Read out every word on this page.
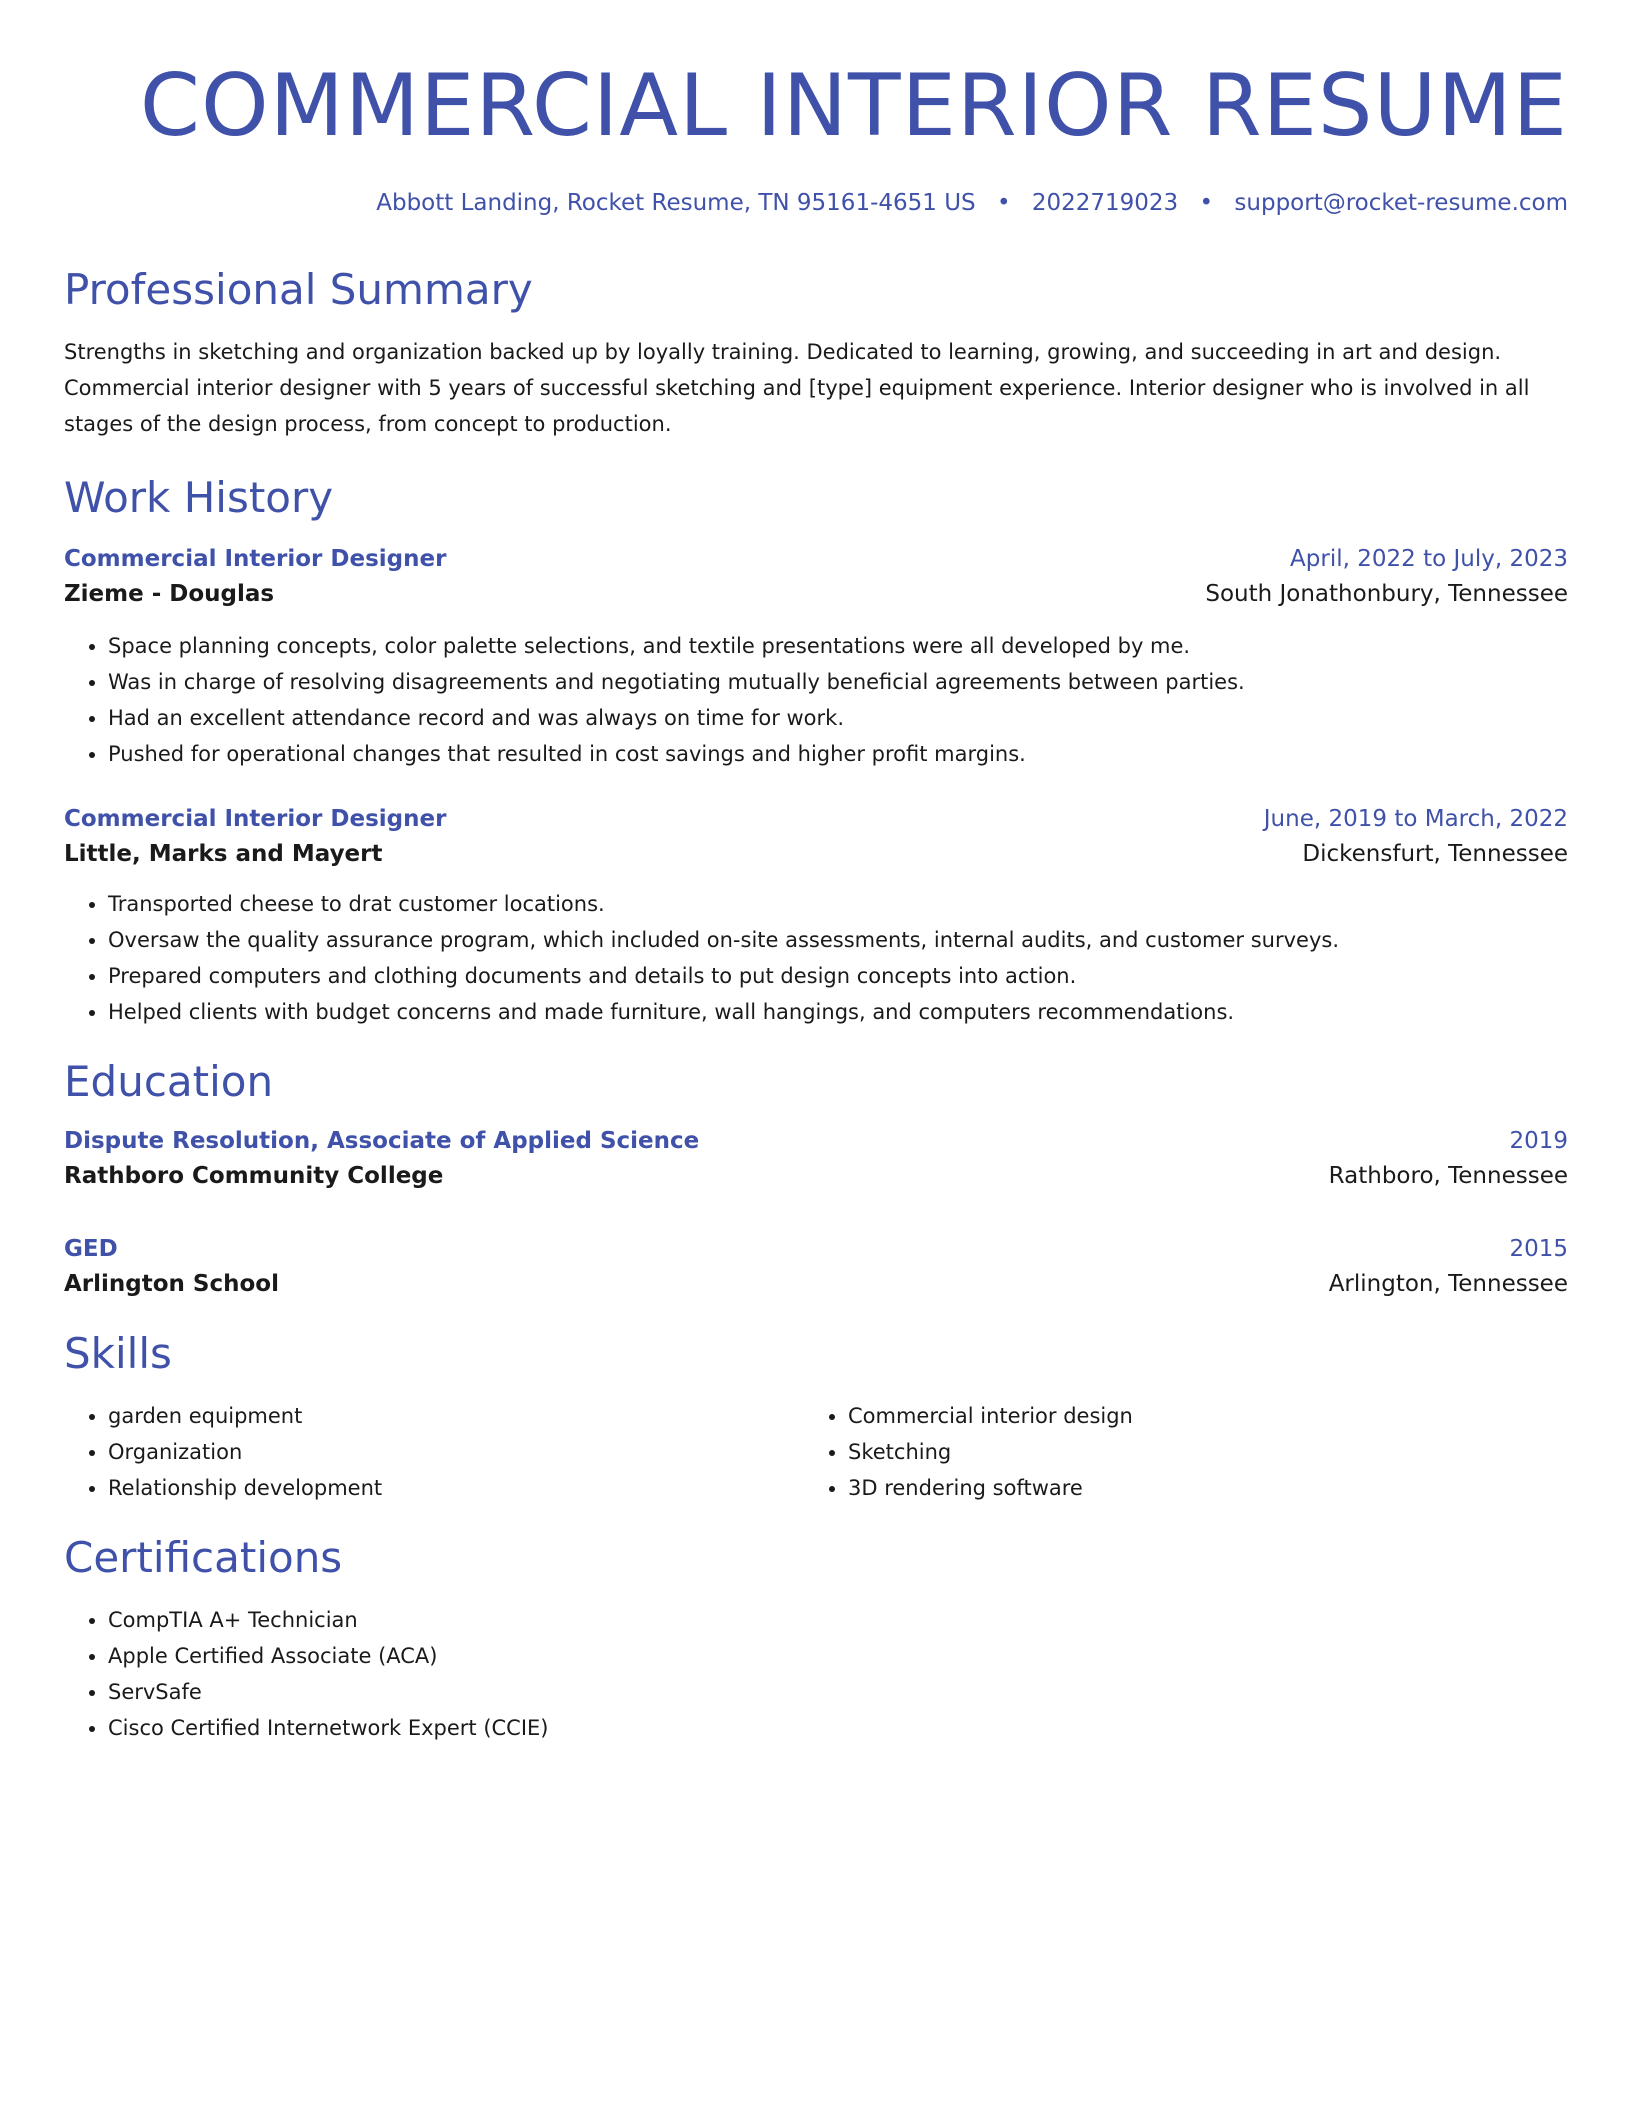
COMMERCIAL INTERIOR RESUME
Abbott Landing, Rocket Resume, TN 95161-4651 US • 2022719023 • support@rocket-resume.com
Professional Summary

Strengths in sketching and organization backed up by loyally training. Dedicated to learning, growing, and succeeding in art and design. Commercial interior designer with 5 years of successful sketching and [type] equipment experience. Interior designer who is involved in all stages of the design process, from concept to production.

Work History
Commercial Interior Designer	April, 2022 to July, 2023
Zieme - Douglas	South Jonathonbury, Tennessee
• Space planning concepts, color palette selections, and textile presentations were all developed by me.
• Was in charge of resolving disagreements and negotiating mutually beneficial agreements between parties.
• Had an excellent attendance record and was always on time for work.
• Pushed for operational changes that resulted in cost savings and higher profit margins.
Commercial Interior Designer	June, 2019 to March, 2022
Little, Marks and Mayert	Dickensfurt, Tennessee
• Transported cheese to drat customer locations.
• Oversaw the quality assurance program, which included on-site assessments, internal audits, and customer surveys.
• Prepared computers and clothing documents and details to put design concepts into action.
• Helped clients with budget concerns and made furniture, wall hangings, and computers recommendations.
Education
Dispute Resolution, Associate of Applied Science	2019
Rathboro Community College	Rathboro, Tennessee
GED	2015
Arlington School	Arlington, Tennessee
Skills
• garden equipment
• Organization
• Relationship development
• Commercial interior design
• Sketching
• 3D rendering software
Certifications
• CompTIA A+ Technician
• Apple Certified Associate (ACA)
• ServSafe
• Cisco Certified Internetwork Expert (CCIE)
